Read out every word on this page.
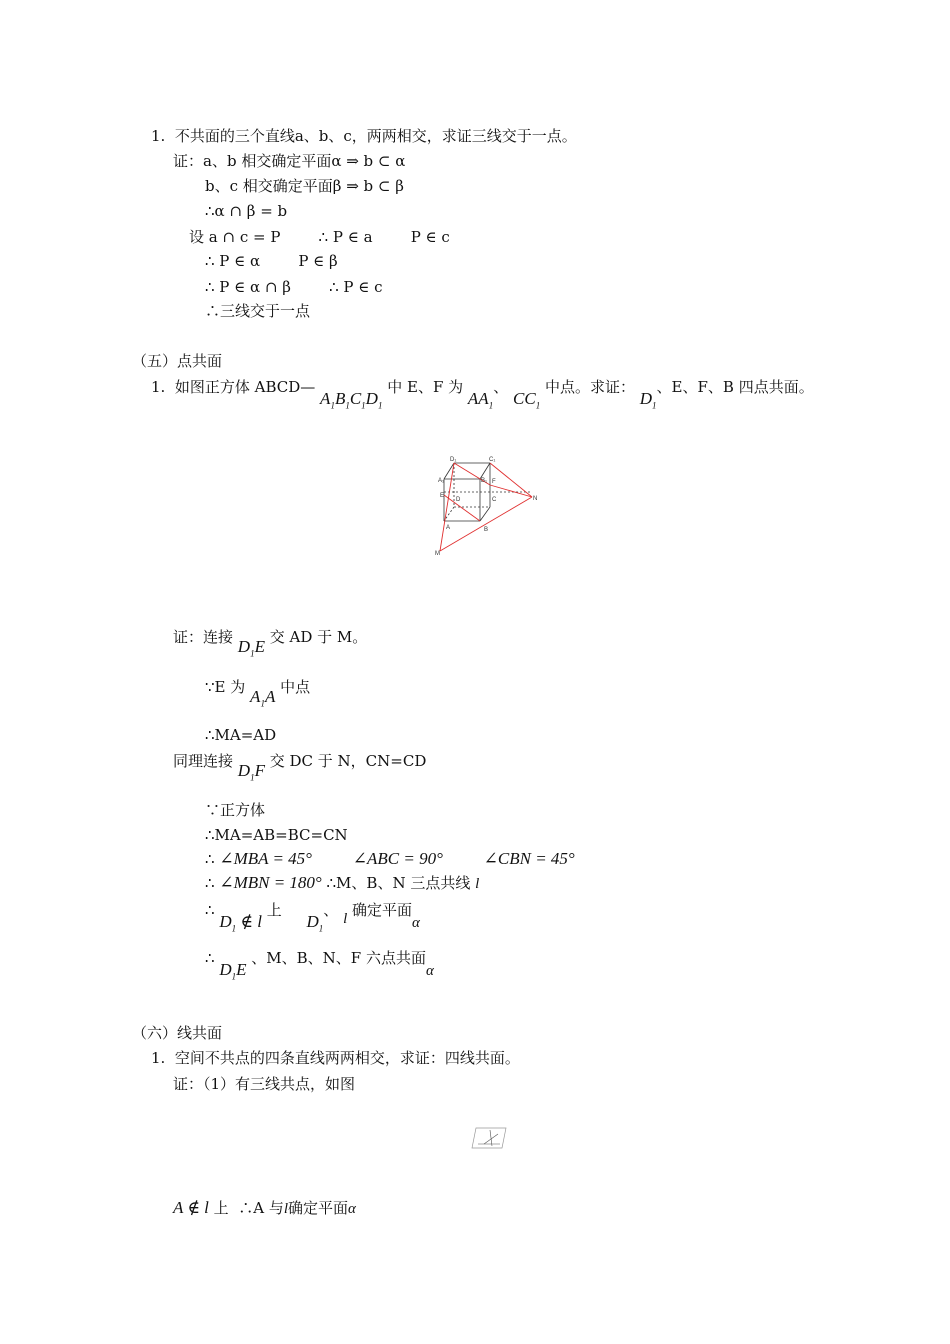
1. 不共面的三个直线a、b、c，两两相交，求证三线交于一点。
证：a、b 相交确定平面α ⇒ b ⊂ α
b、c 相交确定平面β ⇒ b ⊂ β
∴α ∩ β = b
设 a ∩ c = P        ∴ P ∈ a        P ∈ c
∴ P ∈ α        P ∈ β
∴ P ∈ α ∩ β        ∴ P ∈ c
∴三线交于一点
（五）点共面
1. 如图正方体 ABCD— $A_1B_1C_1D_1$ 中 E、F 为 $AA_1$、 $CC_1$ 中点。求证： $D_1$、E、F、B 四点共面。
D₁	C₁
A₁	B₁
E
F
D	C
A	B
M
N
证：连接 $D_1E$ 交 AD 于 M。
∵E 为 $A_1A$ 中点
∴MA=AD
同理连接 $D_1F$ 交 DC 于 N，CN=CD
∵正方体
∴MA=AB=BC=CN
∴ ∠MBA = 45° ∠ABC = 90° ∠CBN = 45°
∴ ∠MBN = 180° ∴M、B、N 三点共线 l
∴ $D_1$ ∉ l 上 $D_1$、 l 确定平面α
∴ $D_1E$ 、M、B、N、F 六点共面α
（六）线共面
1. 空间不共点的四条直线两两相交，求证：四线共面。
证：（1）有三线共点，如图
A ∉ l 上 ∴A 与l确定平面α
